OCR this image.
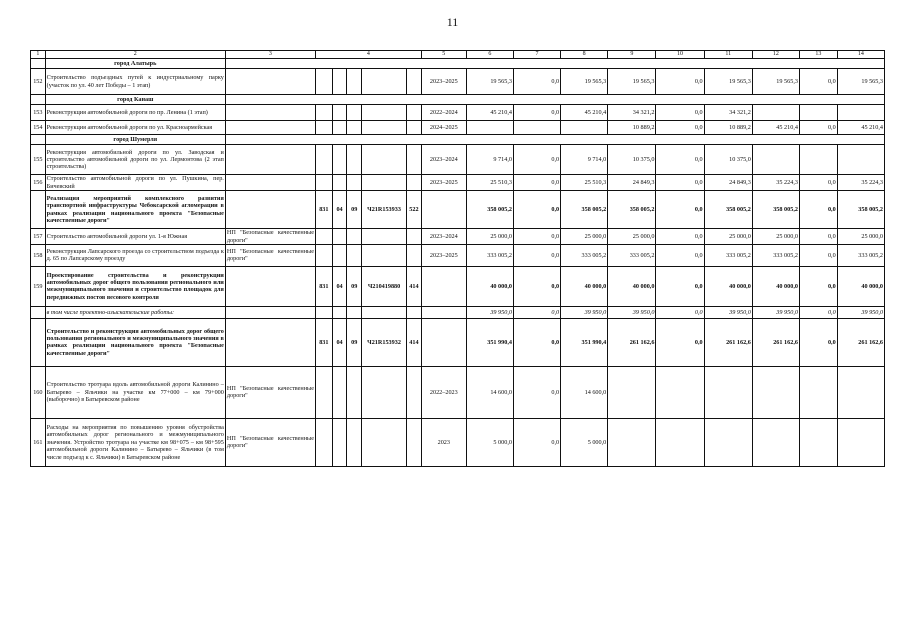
11
1	2	3	4					5	6	7	8	9	10	11	12	13	14
	город Алатырь																
152	Строительство подъездных путей к индустриальному парку (участок по ул. 40 лет Победы – 1 этап)							2023–2025	19 565,3	0,0	19 565,3	19 565,3	0,0	19 565,3	19 565,3	0,0	19 565,3
	город Канаш																
153	Реконструкция автомобильной дороги по пр. Ленина (1 этап)							2022–2024	45 210,4	0,0	45 210,4	34 321,2	0,0	34 321,2			
154	Реконструкция автомобильной дороги по ул. Красноармейская							2024–2025				10 889,2	0,0	10 889,2	45 210,4	0,0	45 210,4
	город Шумерля																
155	Реконструкция автомобильной дороги по ул. Заводская и строительство автомобильной дороги по ул. Лермонтова (2 этап строительства)							2023–2024	9 714,0	0,0	9 714,0	10 375,0	0,0	10 375,0			
156	Строительство автомобильной дороги по ул. Пушкина, пер. Бичевский							2023–2025	25 510,3	0,0	25 510,3	24 849,3	0,0	24 849,3	35 224,3	0,0	35 224,3
	Реализация мероприятий комплексного развития транспортной инфраструктуры Чебоксарской агломерации в рамках реализации национального проекта "Безопасные качественные дороги"		831	04	09	Ч21R153933	522		358 005,2	0,0	358 005,2	358 005,2	0,0	358 005,2	358 005,2	0,0	358 005,2
157	Строительство автомобильной дороги ул. 1-я Южная	НП "Безопасные качественные дороги"						2023–2024	25 000,0	0,0	25 000,0	25 000,0	0,0	25 000,0	25 000,0	0,0	25 000,0
158	Реконструкция Лапсарского проезда со строительством подъезда к д. 65 по Лапсарскому проезду	НП "Безопасные качественные дороги"						2023–2025	333 005,2	0,0	333 005,2	333 005,2	0,0	333 005,2	333 005,2	0,0	333 005,2
159	Проектирование строительства и реконструкции автомобильных дорог общего пользования регионального или межмуниципального значения и строительство площадок для передвижных постов весового контроля		831	04	09	Ч210419880	414		40 000,0	0,0	40 000,0	40 000,0	0,0	40 000,0	40 000,0	0,0	40 000,0
	в том числе проектно-изыскательские работы:								39 950,0	0,0	39 950,0	39 950,0	0,0	39 950,0	39 950,0	0,0	39 950,0
	Строительство и реконструкция автомобильных дорог общего пользования регионального и межмуниципального значения в рамках реализации национального проекта "Безопасные качественные дороги"		831	04	09	Ч21R153932	414		351 990,4	0,0	351 990,4	261 162,6	0,0	261 162,6	261 162,6	0,0	261 162,6
160	Строительство тротуара вдоль автомобильной дороги Калинино – Батырево – Яльчики на участке км 77+000 – км 79+000 (выборочно) в Батыревском районе	НП "Безопасные качественные дороги"						2022–2023	14 600,0	0,0	14 600,0						
161	Расходы на мероприятия по повышению уровня обустройства автомобильных дорог регионального и межмуниципального значения. Устройство тротуара на участке км 98+075 – км 98+595 автомобильной дороги Калинино – Батырево – Яльчики (в том числе подъезд к с. Яльчики) в Батыревском районе	НП "Безопасные качественные дороги"						2023	5 000,0	0,0	5 000,0						
